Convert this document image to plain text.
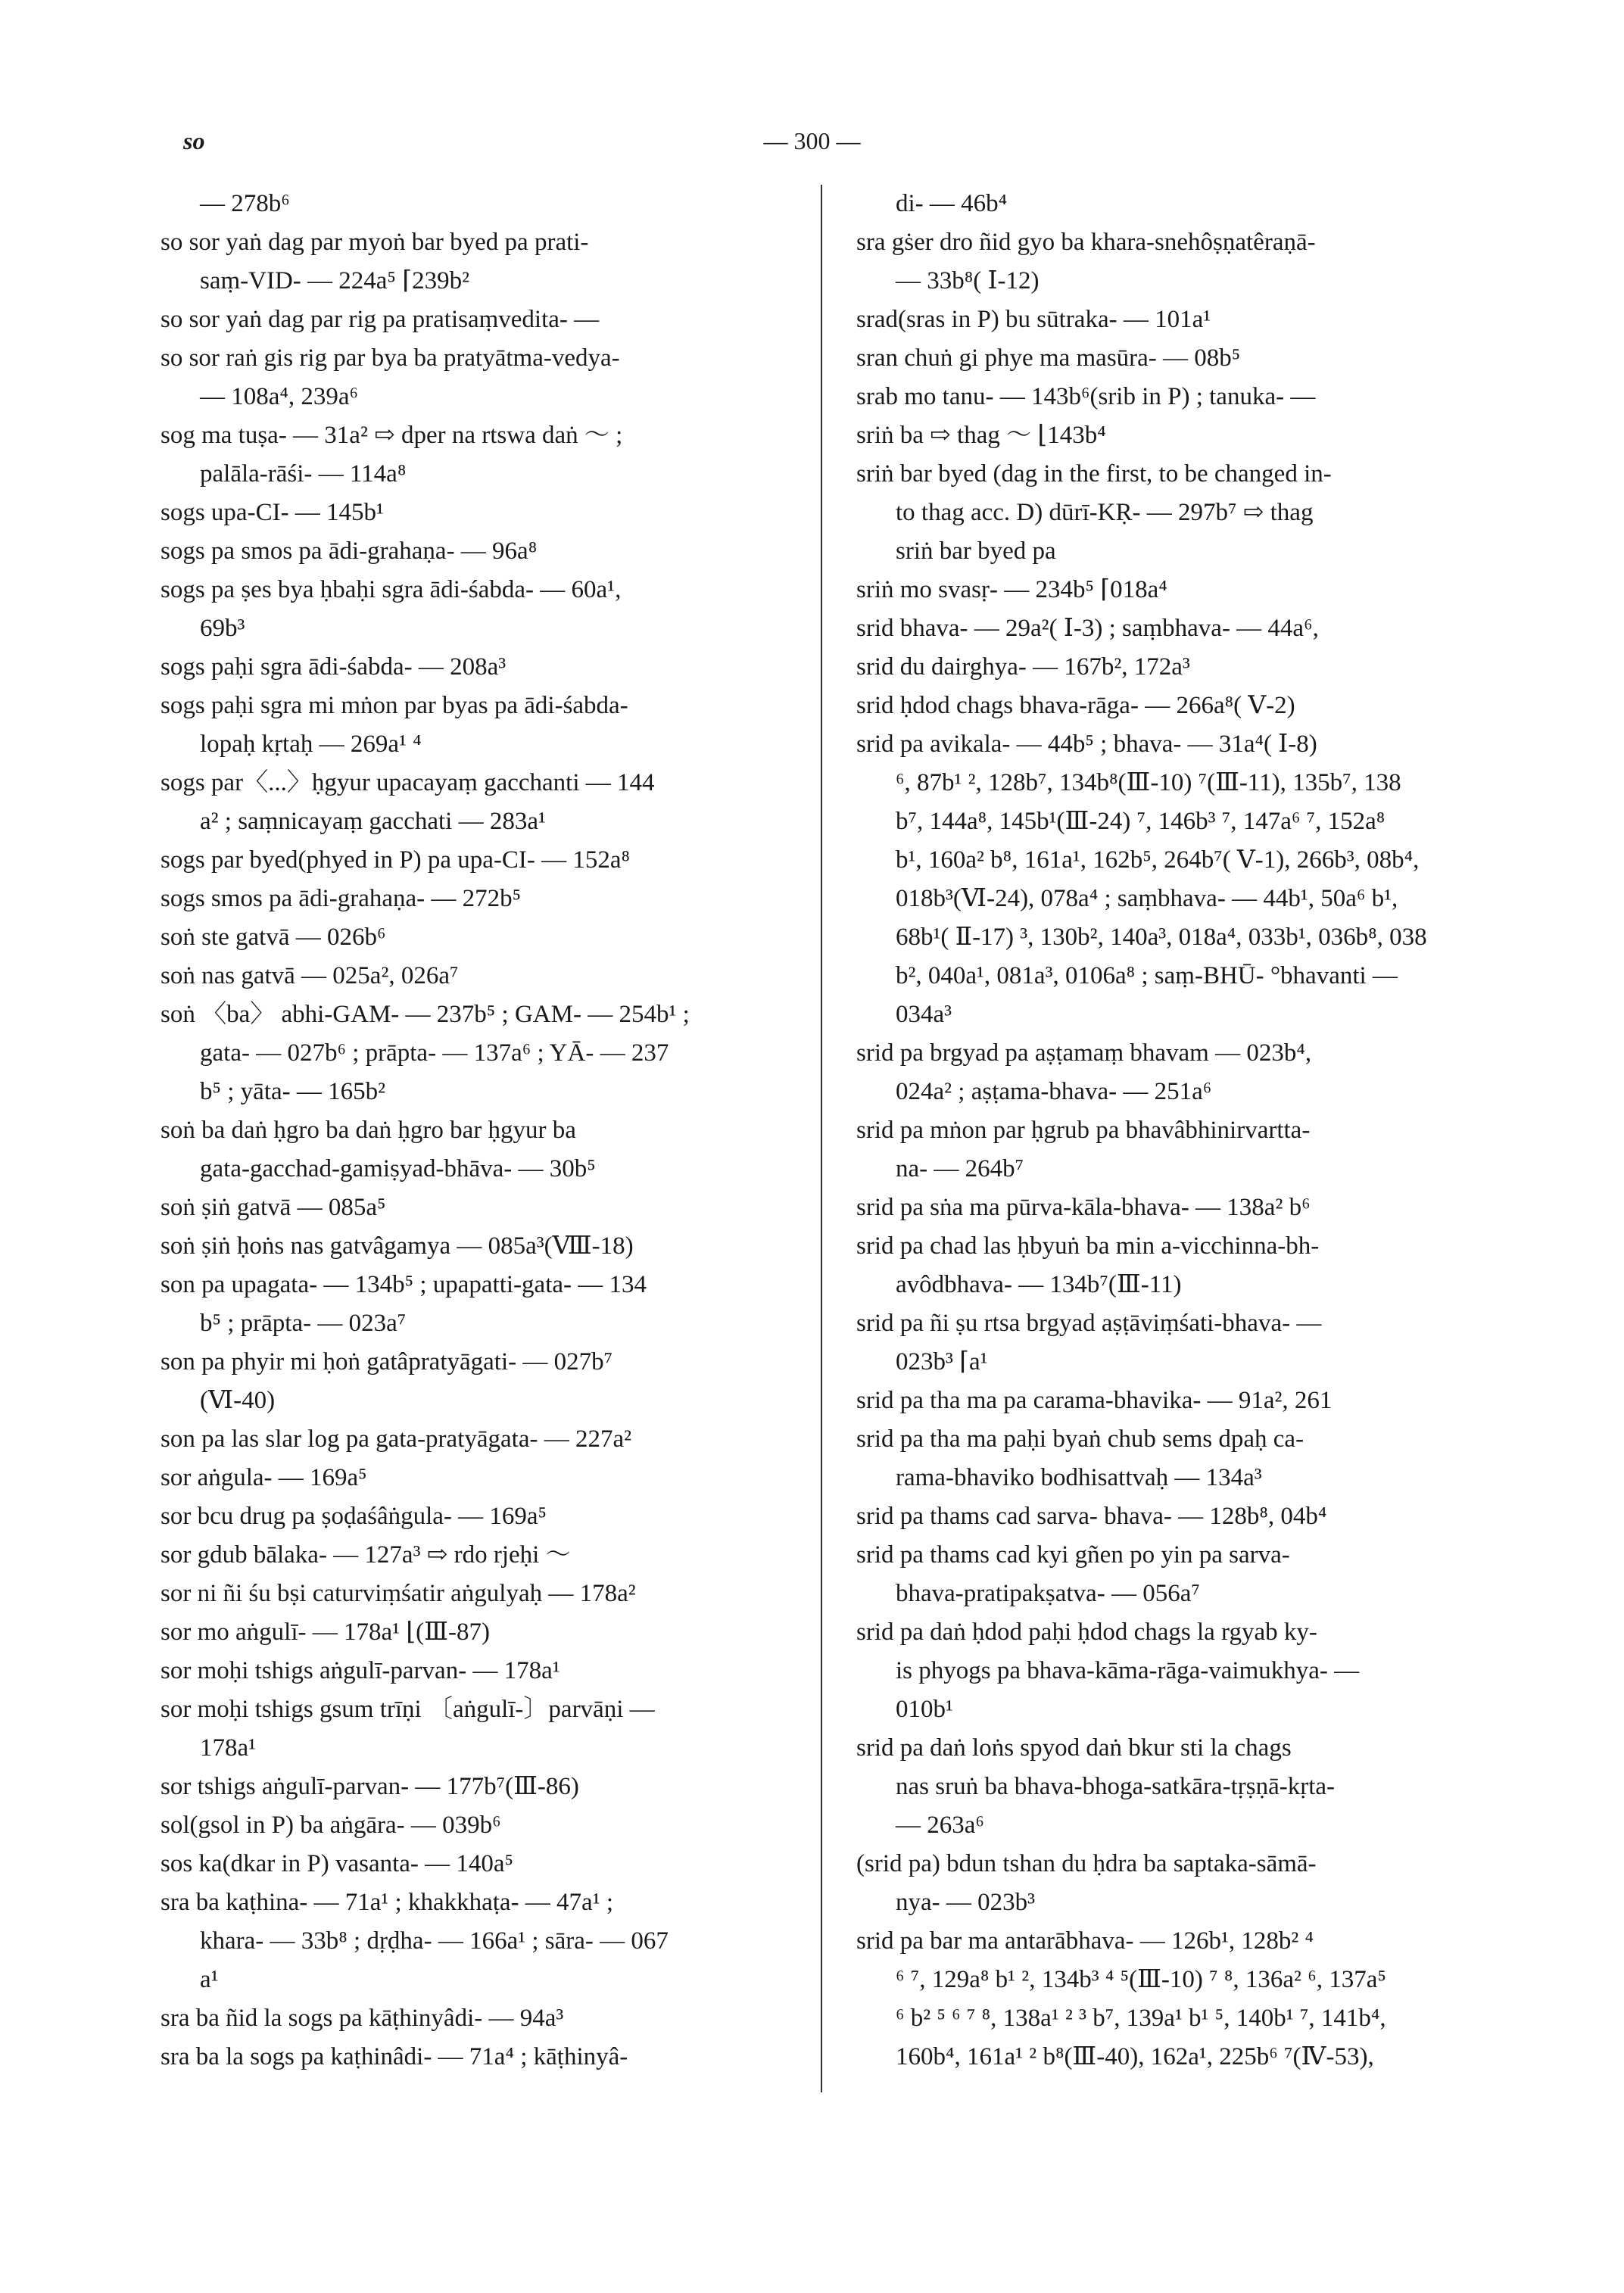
so	— 300 —
— 278b⁶
so sor yaṅ dag par myoṅ bar byed pa prati-
saṃ-VID- — 224a⁵ ⌈239b²
so sor yaṅ dag par rig pa pratisaṃvedita- —
so sor raṅ gis rig par bya ba pratyātma-vedya-
— 108a⁴, 239a⁶
sog ma tuṣa- — 31a² ⇨ dper na rtswa daṅ ～ ;
palāla-rāśi- — 114a⁸
sogs upa-CI- — 145b¹
sogs pa smos pa ādi-grahaṇa- — 96a⁸
sogs pa ṣes bya ḥbaḥi sgra ādi-śabda- — 60a¹,
69b³
sogs paḥi sgra ādi-śabda- — 208a³
sogs paḥi sgra mi mṅon par byas pa ādi-śabda-
lopaḥ kṛtaḥ — 269a¹ ⁴
sogs par〈...〉ḥgyur upacayaṃ gacchanti — 144
a² ; saṃnicayaṃ gacchati — 283a¹
sogs par byed(phyed in P) pa upa-CI- — 152a⁸
sogs smos pa ādi-grahaṇa- — 272b⁵
soṅ ste gatvā — 026b⁶
soṅ nas gatvā — 025a², 026a⁷
soṅ 〈ba〉 abhi-GAM- — 237b⁵ ; GAM- — 254b¹ ;
gata- — 027b⁶ ; prāpta- — 137a⁶ ; YĀ- — 237
b⁵ ; yāta- — 165b²
soṅ ba daṅ ḥgro ba daṅ ḥgro bar ḥgyur ba
gata-gacchad-gamiṣyad-bhāva- — 30b⁵
soṅ ṣiṅ gatvā — 085a⁵
soṅ ṣiṅ ḥoṅs nas gatvâgamya — 085a³(Ⅷ-18)
son pa upagata- — 134b⁵ ; upapatti-gata- — 134
b⁵ ; prāpta- — 023a⁷
son pa phyir mi ḥoṅ gatâpratyāgati- — 027b⁷
(Ⅵ-40)
son pa las slar log pa gata-pratyāgata- — 227a²
sor aṅgula- — 169a⁵
sor bcu drug pa ṣoḍaśâṅgula- — 169a⁵
sor gdub bālaka- — 127a³ ⇨ rdo rjeḥi ～
sor ni ñi śu bṣi caturviṃśatir aṅgulyaḥ — 178a²
sor mo aṅgulī- — 178a¹ ⌊(Ⅲ-87)
sor moḥi tshigs aṅgulī-parvan- — 178a¹
sor moḥi tshigs gsum trīṇi 〔aṅgulī-〕parvāṇi —
178a¹
sor tshigs aṅgulī-parvan- — 177b⁷(Ⅲ-86)
sol(gsol in P) ba aṅgāra- — 039b⁶
sos ka(dkar in P) vasanta- — 140a⁵
sra ba kaṭhina- — 71a¹ ; khakkhaṭa- — 47a¹ ;
khara- — 33b⁸ ; dṛḍha- — 166a¹ ; sāra- — 067
a¹
sra ba ñid la sogs pa kāṭhinyâdi- — 94a³
sra ba la sogs pa kaṭhinâdi- — 71a⁴ ; kāṭhinyâ-
di- — 46b⁴
sra gṡer dro ñid gyo ba khara-snehôṣṇatêraṇā-
— 33b⁸( Ⅰ-12)
srad(sras in P) bu sūtraka- — 101a¹
sran chuṅ gi phye ma masūra- — 08b⁵
srab mo tanu- — 143b⁶(srib in P) ; tanuka- —
sriṅ ba ⇨ thag ～ ⌊143b⁴
sriṅ bar byed (dag in the first, to be changed in-
to thag acc. D) dūrī-KṚ- — 297b⁷ ⇨ thag
sriṅ bar byed pa
sriṅ mo svasṛ- — 234b⁵ ⌈018a⁴
srid bhava- — 29a²( Ⅰ-3) ; saṃbhava- — 44a⁶,
srid du dairghya- — 167b², 172a³
srid ḥdod chags bhava-rāga- — 266a⁸( Ⅴ-2)
srid pa avikala- — 44b⁵ ; bhava- — 31a⁴( Ⅰ-8)
⁶, 87b¹ ², 128b⁷, 134b⁸(Ⅲ-10) ⁷(Ⅲ-11), 135b⁷, 138
b⁷, 144a⁸, 145b¹(Ⅲ-24) ⁷, 146b³ ⁷, 147a⁶ ⁷, 152a⁸
b¹, 160a² b⁸, 161a¹, 162b⁵, 264b⁷( Ⅴ-1), 266b³, 08b⁴,
018b³(Ⅵ-24), 078a⁴ ; saṃbhava- — 44b¹, 50a⁶ b¹,
68b¹( Ⅱ-17) ³, 130b², 140a³, 018a⁴, 033b¹, 036b⁸, 038
b², 040a¹, 081a³, 0106a⁸ ; saṃ-BHŪ- °bhavanti —
034a³
srid pa brgyad pa aṣṭamaṃ bhavam — 023b⁴,
024a² ; aṣṭama-bhava- — 251a⁶
srid pa mṅon par ḥgrub pa bhavâbhinirvartta-
na- — 264b⁷
srid pa sṅa ma pūrva-kāla-bhava- — 138a² b⁶
srid pa chad las ḥbyuṅ ba min a-vicchinna-bh-
avôdbhava- — 134b⁷(Ⅲ-11)
srid pa ñi ṣu rtsa brgyad aṣṭāviṃśati-bhava- —
023b³ ⌈a¹
srid pa tha ma pa carama-bhavika- — 91a², 261
srid pa tha ma paḥi byaṅ chub sems dpaḥ ca-
rama-bhaviko bodhisattvaḥ — 134a³
srid pa thams cad sarva- bhava- — 128b⁸, 04b⁴
srid pa thams cad kyi gñen po yin pa sarva-
bhava-pratipakṣatva- — 056a⁷
srid pa daṅ ḥdod paḥi ḥdod chags la rgyab ky-
is phyogs pa bhava-kāma-rāga-vaimukhya- —
010b¹
srid pa daṅ loṅs spyod daṅ bkur sti la chags
nas sruṅ ba bhava-bhoga-satkāra-tṛṣṇā-kṛta-
— 263a⁶
(srid pa) bdun tshan du ḥdra ba saptaka-sāmā-
nya- — 023b³
srid pa bar ma antarābhava- — 126b¹, 128b² ⁴
⁶ ⁷, 129a⁸ b¹ ², 134b³ ⁴ ⁵(Ⅲ-10) ⁷ ⁸, 136a² ⁶, 137a⁵
⁶ b² ⁵ ⁶ ⁷ ⁸, 138a¹ ² ³ b⁷, 139a¹ b¹ ⁵, 140b¹ ⁷, 141b⁴,
160b⁴, 161a¹ ² b⁸(Ⅲ-40), 162a¹, 225b⁶ ⁷(Ⅳ-53),
